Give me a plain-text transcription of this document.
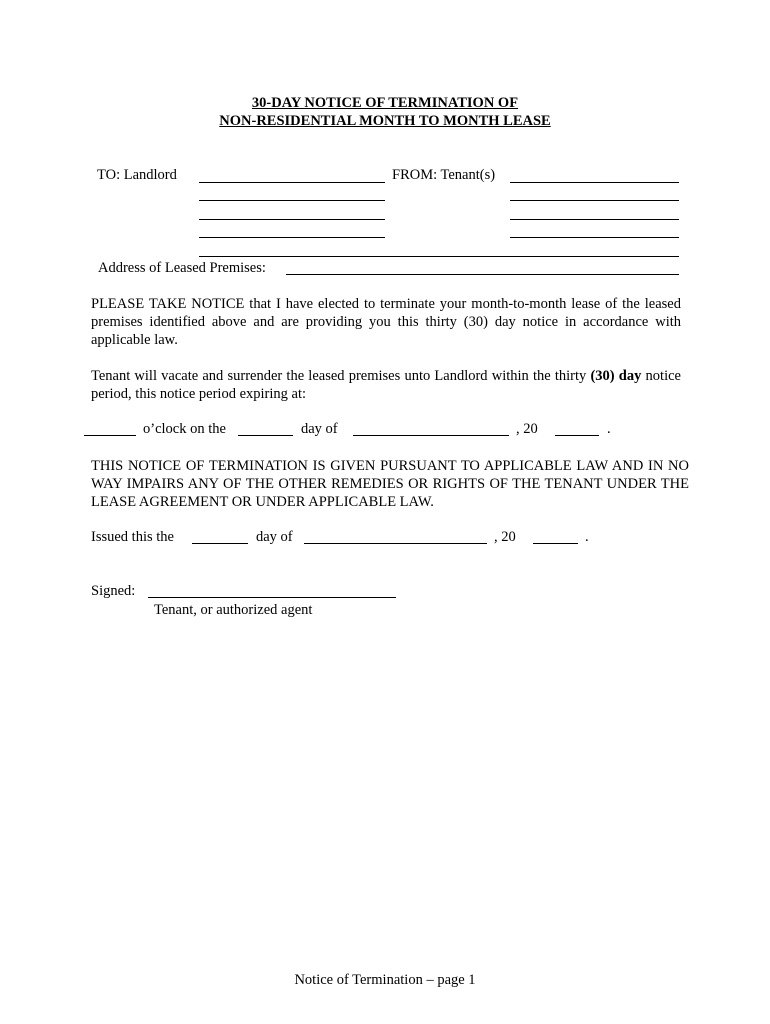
30-DAY NOTICE OF TERMINATION OF
NON-RESIDENTIAL MONTH TO MONTH LEASE
TO: Landlord	FROM: Tenant(s)
Address of Leased Premises:
PLEASE TAKE NOTICE that I have elected to terminate your month-to-month lease of the leased premises identified above and are providing you this thirty (30) day notice in accordance with applicable law.
Tenant will vacate and surrender the leased premises unto Landlord within the thirty (30) day notice period, this notice period expiring at:
o’clock on the	day of	, 20	.
THIS NOTICE OF TERMINATION IS GIVEN PURSUANT TO APPLICABLE LAW AND IN NO WAY IMPAIRS ANY OF THE OTHER REMEDIES OR RIGHTS OF THE TENANT UNDER THE LEASE AGREEMENT OR UNDER APPLICABLE LAW.
Issued this the	day of	, 20	.
Signed:
Tenant, or authorized agent
Notice of Termination – page 1
